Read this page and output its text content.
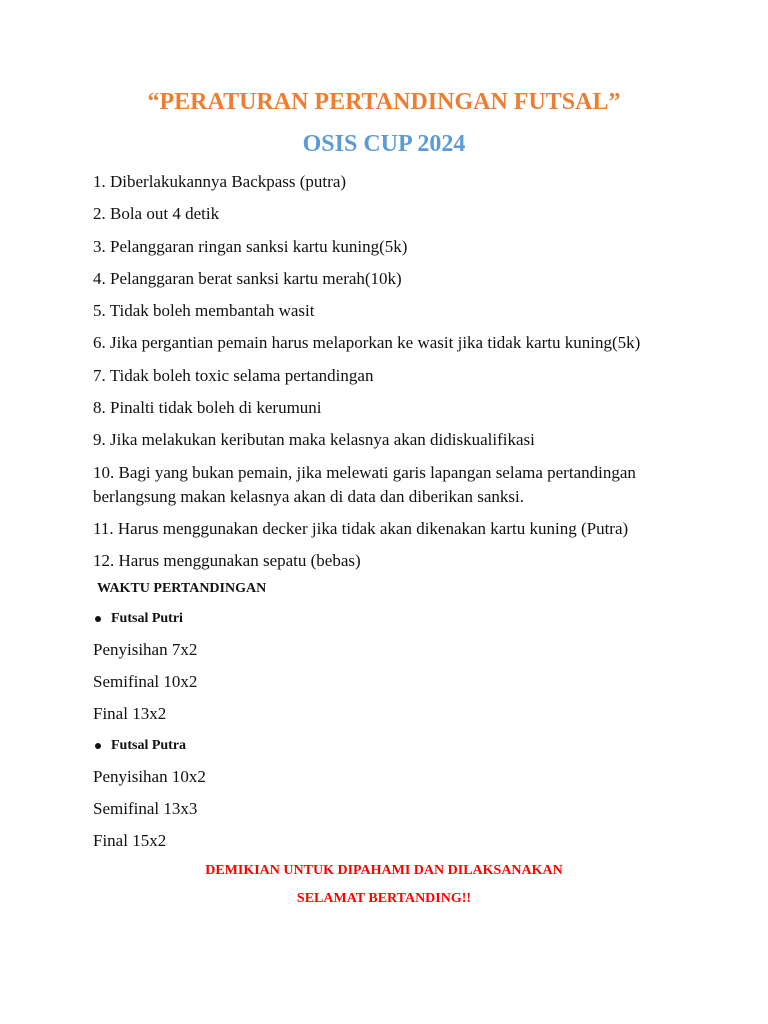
“PERATURAN PERTANDINGAN FUTSAL”
OSIS CUP 2024
1. Diberlakukannya Backpass (putra)
2. Bola out 4 detik
3. Pelanggaran ringan sanksi kartu kuning(5k)
4. Pelanggaran berat sanksi kartu merah(10k)
5. Tidak boleh membantah wasit
6. Jika pergantian pemain harus melaporkan ke wasit jika tidak kartu kuning(5k)
7. Tidak boleh toxic selama pertandingan
8. Pinalti tidak boleh di kerumuni
9. Jika melakukan keributan maka kelasnya akan didiskualifikasi
10. Bagi yang bukan pemain, jika melewati garis lapangan selama pertandingan berlangsung makan kelasnya akan di data dan diberikan sanksi.
11. Harus menggunakan decker jika tidak akan dikenakan kartu kuning (Putra)
12. Harus menggunakan sepatu (bebas)
WAKTU PERTANDINGAN
Futsal Putri
Penyisihan 7x2
Semifinal 10x2
Final 13x2
Futsal Putra
Penyisihan 10x2
Semifinal 13x3
Final 15x2
DEMIKIAN UNTUK DIPAHAMI DAN DILAKSANAKAN
SELAMAT BERTANDING!!
